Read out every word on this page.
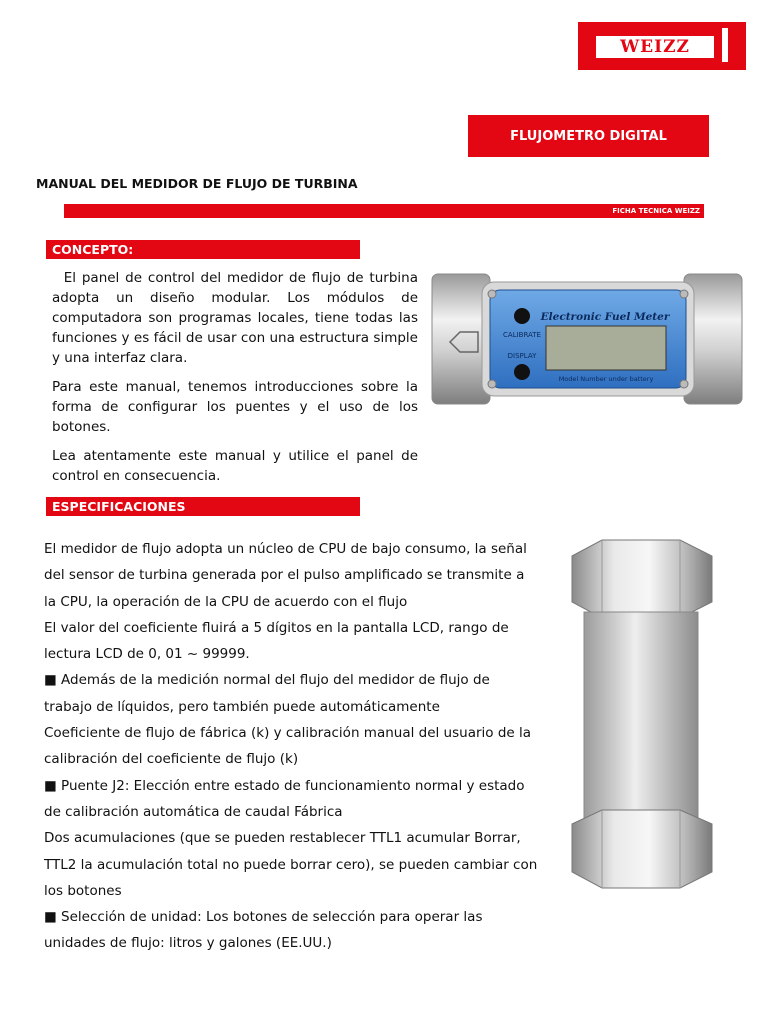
WEIZZ
FLUJOMETRO DIGITAL
MANUAL DEL MEDIDOR DE FLUJO DE TURBINA
FICHA TECNICA WEIZZ
CONCEPTO:

El panel de control del medidor de flujo de turbina adopta un diseño modular. Los módulos de computadora son programas locales, tiene todas las funciones y es fácil de usar con una estructura simple y una interfaz clara.

Para este manual, tenemos introducciones sobre la forma de configurar los puentes y el uso de los botones.

Lea atentamente este manual y utilice el panel de control en consecuencia.

Electronic Fuel Meter
CALIBRATE
DISPLAY
Model Number under battery
ESPECIFICACIONES

El medidor de flujo adopta un núcleo de CPU de bajo consumo, la señal del sensor de turbina generada por el pulso amplificado se transmite a la CPU, la operación de la CPU de acuerdo con el flujo

El valor del coeficiente fluirá a 5 dígitos en la pantalla LCD, rango de lectura LCD de 0, 01 ~ 99999.

■ Además de la medición normal del flujo del medidor de flujo de trabajo de líquidos, pero también puede automáticamente

Coeficiente de flujo de fábrica (k) y calibración manual del usuario de la calibración del coeficiente de flujo (k)

■ Puente J2: Elección entre estado de funcionamiento normal y estado de calibración automática de caudal Fábrica

Dos acumulaciones (que se pueden restablecer TTL1 acumular Borrar, TTL2 la acumulación total no puede borrar cero), se pueden cambiar con los botones

■ Selección de unidad: Los botones de selección para operar las unidades de flujo: litros y galones (EE.UU.)
